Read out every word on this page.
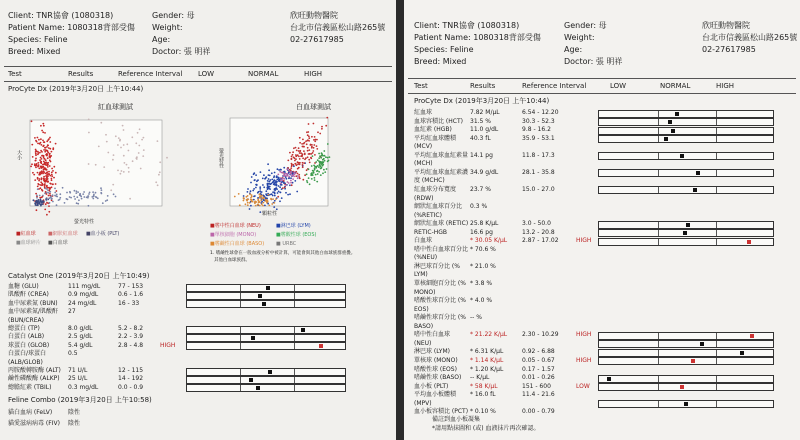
Client: TNR協會 (1080318)
Patient Name: 1080318背部受傷
Species: Feline
Breed: Mixed
Gender: 母
Weight:
Age:
Doctor: 張 明祥
欣旺動物醫院
台北市信義區松山路265號
02-27617985
Test	Results	Reference Interval LOW	NORMAL	HIGH
ProCyte Dx (2019年3月20日 上午10:44)
紅血球測試
大小
螢光特性
■紅血球 ■網狀紅血球 ■血小板 (PLT)
■血球碎片 ■白血球
白血球測試
螢光特性
顆粒性
■嗜中性白血球 (NEU)	■淋巴球 (LYM)
■單核細胞 (MONO)	■嗜酸性球 (EOS)
■嗜鹼性白血球 (BASO) ■ URBC
1. 嗜鹼性球會在一般血液分析中被計算，可能會與其他白血球族群重疊。
其他白血球族群。
Catalyst One (2019年3月20日 上午10:49)
Feline Combo (2019年3月20日 上午10:58)
貓白血病 (FeLV)	陰性
貓愛滋病病毒 (FIV) 陰性
血糖 (GLU)	111 mg/dL	77 - 153
肌酸酐 (CREA)	0.9 mg/dL	0.6 - 1.6
血中尿素氮 (BUN) 24 mg/dL	16 - 33
血中尿素氮/肌酸酐 27
(BUN/CREA)
總蛋白 (TP)	8.0 g/dL	5.2 - 8.2
白蛋白 (ALB)	2.5 g/dL	2.2 - 3.9
球蛋白 (GLOB)	5.4 g/dL	2.8 - 4.8	HIGH
白蛋白/球蛋白	0.5
(ALB/GLOB)
丙胺酸轉胺酶 (ALT) 71 U/L	12 - 115
鹼性磷酸酶 (ALKP) 25 U/L	14 - 192
總膽紅素 (TBIL)	0.3 mg/dL	0.0 - 0.9
Client: TNR協會 (1080318)
Patient Name: 1080318背部受傷
Species: Feline
Breed: Mixed
Gender: 母
Weight:
Age:
Doctor: 張 明祥
欣旺動物醫院
台北市信義區松山路265號
02-27617985
Test	Results	Reference Interval	LOW	NORMAL	HIGH
ProCyte Dx (2019年3月20日 上午10:44)
備註到血小板凝集
*請用點抹圖和 (或) 血液抹片再次確認。
紅血球	7.82 M/μL	6.54 - 12.20
血球容積比 (HCT) 31.5 %	30.3 - 52.3
血紅素 (HGB)	11.0 g/dL	9.8 - 16.2
平均紅血球體積 40.3 fL	35.9 - 53.1
(MCV)
平均紅血球血紅素量 14.1 pg	11.8 - 17.3
(MCH)
平均紅血球血紅素濃 34.9 g/dL	28.1 - 35.8
度 (MCHC)
紅血球分布寬度 23.7 %	15.0 - 27.0
(RDW)
網狀紅血球百分比 0.3 %
(%RETIC)
網狀紅血球 (RETIC) 25.8 K/μL	3.0 - 50.0
RETIC-HGB	16.6 pg	13.2 - 20.8
白血球	* 30.05 K/μL 2.87 - 17.02	HIGH
嗜中性白血球百分比 * 70.6 %
(%NEU)
淋巴球百分比 (% * 21.0 %
LYM)
單核細胞百分比 (% * 3.8 %
MONO)
嗜酸性球百分比 (% * 4.0 %
EOS)
嗜鹼性球百分比 (% -- %
BASO)
嗜中性白血球	* 21.22 K/μL 2.30 - 10.29	HIGH
(NEU)
淋巴球 (LYM)	* 6.31 K/μL	0.92 - 6.88
單核球 (MONO) * 1.14 K/μL	0.05 - 0.67	HIGH
嗜酸性球 (EOS) * 1.20 K/μL	0.17 - 1.57
嗜鹼性球 (BASO) -- K/μL	0.01 - 0.26
血小板 (PLT)	* 58 K/μL	151 - 600	LOW
平均血小板體積 * 16.0 fL	11.4 - 21.6
(MPV)
血小板容積比 (PCT) * 0.10 %	0.00 - 0.79
